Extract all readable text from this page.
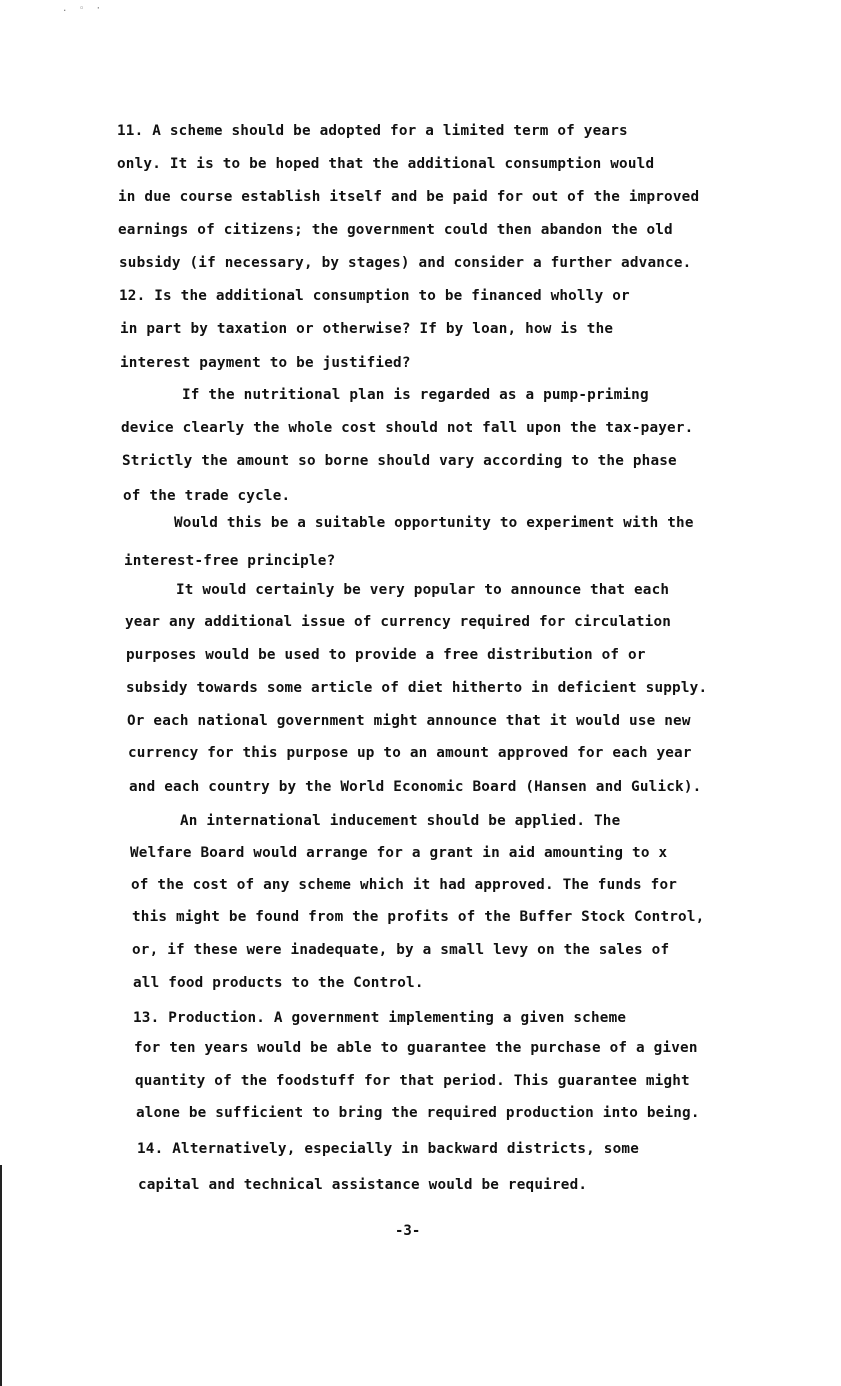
. ◦ ·
11. A scheme should be adopted for a limited term of years
only. It is to be hoped that the additional consumption would
in due course establish itself and be paid for out of the improved
earnings of citizens; the government could then abandon the old
subsidy (if necessary, by stages) and consider a further advance.
12. Is the additional consumption to be financed wholly or
in part by taxation or otherwise? If by loan, how is the
interest payment to be justified?
If the nutritional plan is regarded as a pump-priming
device clearly the whole cost should not fall upon the tax-payer.
Strictly the amount so borne should vary according to the phase
of the trade cycle.
Would this be a suitable opportunity to experiment with the
interest-free principle?
It would certainly be very popular to announce that each
year any additional issue of currency required for circulation
purposes would be used to provide a free distribution of or
subsidy towards some article of diet hitherto in deficient supply.
Or each national government might announce that it would use new
currency for this purpose up to an amount approved for each year
and each country by the World Economic Board (Hansen and Gulick).
An international inducement should be applied. The
Welfare Board would arrange for a grant in aid amounting to x
of the cost of any scheme which it had approved. The funds for
this might be found from the profits of the Buffer Stock Control,
or, if these were inadequate, by a small levy on the sales of
all food products to the Control.
13. Production. A government implementing a given scheme
for ten years would be able to guarantee the purchase of a given
quantity of the foodstuff for that period. This guarantee might
alone be sufficient to bring the required production into being.
14. Alternatively, especially in backward districts, some
capital and technical assistance would be required.
-3-
